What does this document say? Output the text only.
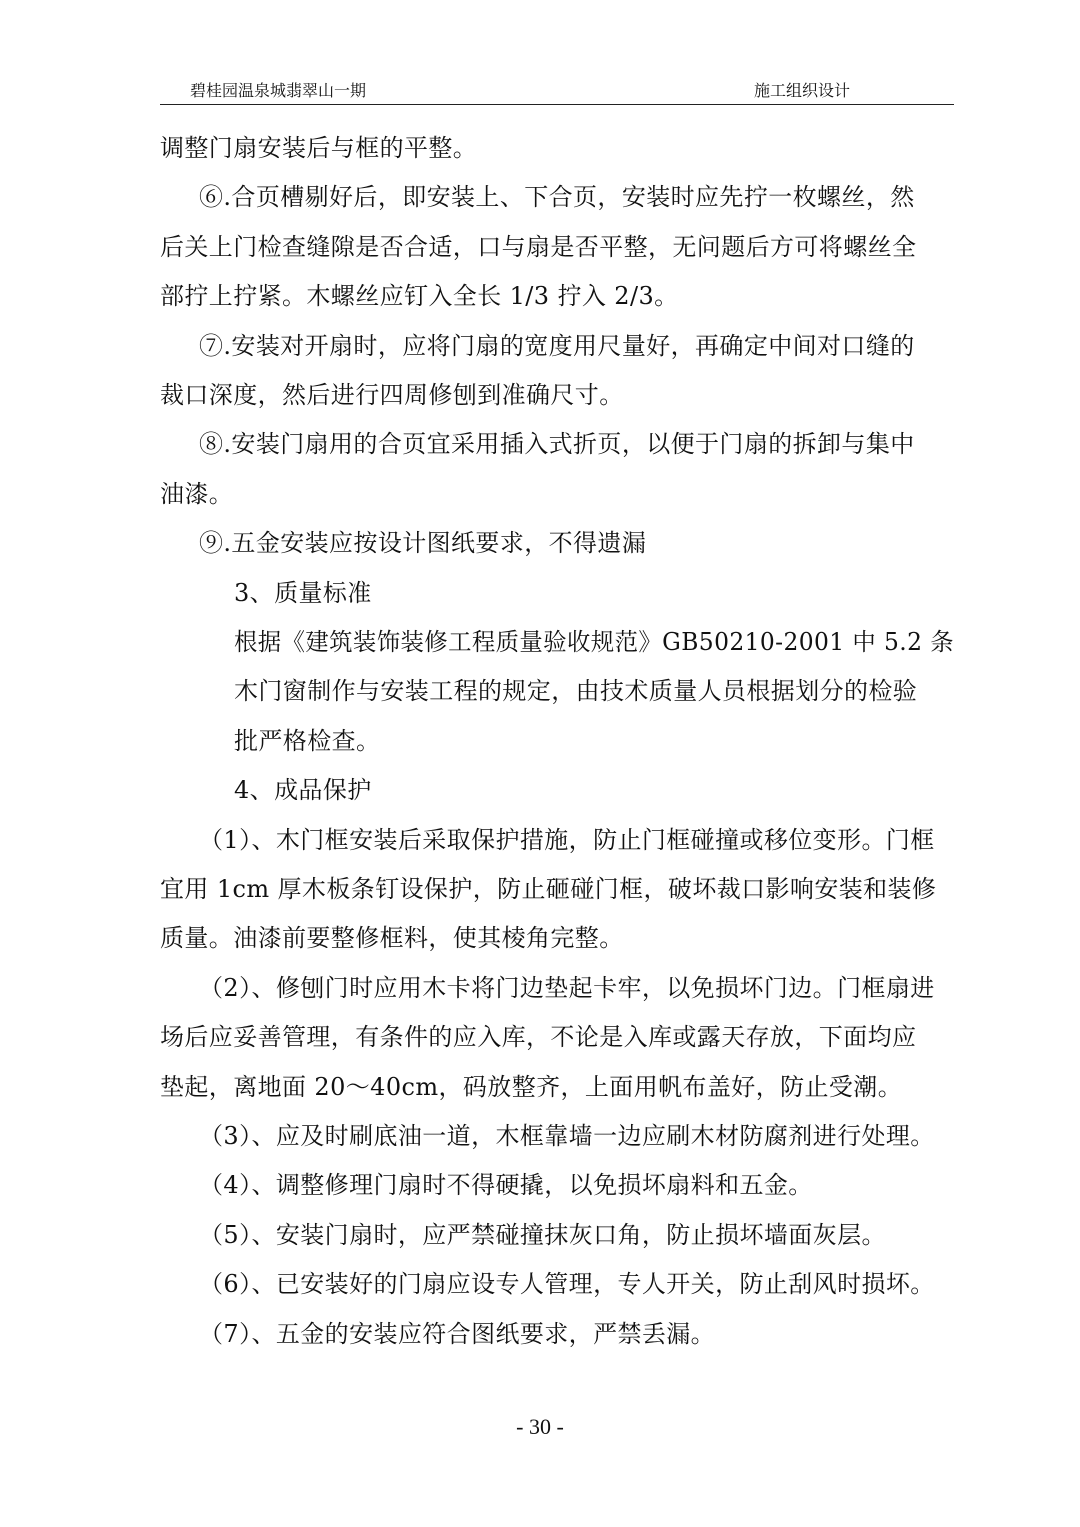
碧桂园温泉城翡翠山一期	施工组织设计
调整门扇安装后与框的平整。
⑥.合页槽剔好后，即安装上、下合页，安装时应先拧一枚螺丝，然
后关上门检查缝隙是否合适，口与扇是否平整，无问题后方可将螺丝全
部拧上拧紧。木螺丝应钉入全长 1/3 拧入 2/3。
⑦.安装对开扇时，应将门扇的宽度用尺量好，再确定中间对口缝的
裁口深度，然后进行四周修刨到准确尺寸。
⑧.安装门扇用的合页宜采用插入式折页，以便于门扇的拆卸与集中
油漆。
⑨.五金安装应按设计图纸要求，不得遗漏
3、质量标准
根据《建筑装饰装修工程质量验收规范》GB50210-2001 中 5.2 条
木门窗制作与安装工程的规定，由技术质量人员根据划分的检验
批严格检查。
4、成品保护
（1）、木门框安装后采取保护措施，防止门框碰撞或移位变形。门框
宜用 1cm 厚木板条钉设保护，防止砸碰门框，破坏裁口影响安装和装修
质量。油漆前要整修框料，使其棱角完整。
（2）、修刨门时应用木卡将门边垫起卡牢，以免损坏门边。门框扇进
场后应妥善管理，有条件的应入库，不论是入库或露天存放，下面均应
垫起，离地面 20～40cm，码放整齐，上面用帆布盖好，防止受潮。
（3）、应及时刷底油一道，木框靠墙一边应刷木材防腐剂进行处理。
（4）、调整修理门扇时不得硬撬，以免损坏扇料和五金。
（5）、安装门扇时，应严禁碰撞抹灰口角，防止损坏墙面灰层。
（6）、已安装好的门扇应设专人管理，专人开关，防止刮风时损坏。
（7）、五金的安装应符合图纸要求，严禁丢漏。
- 30 -
